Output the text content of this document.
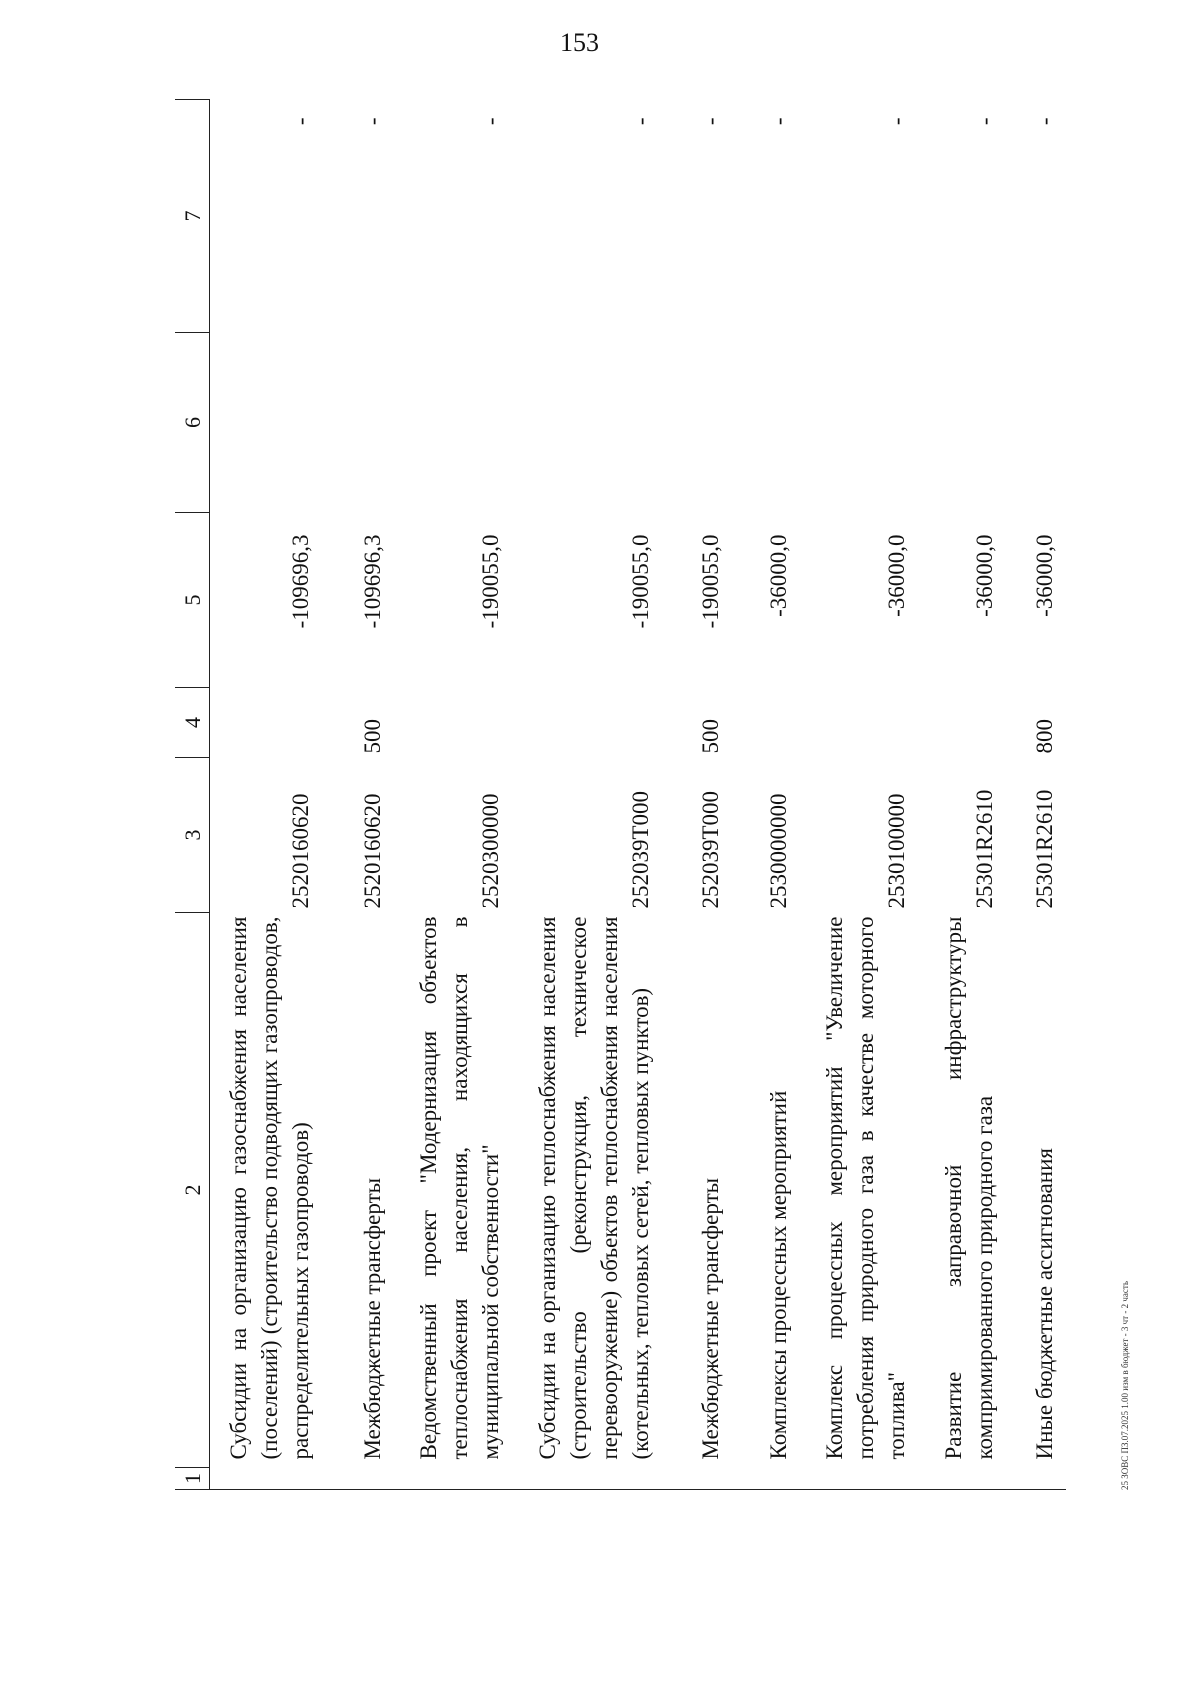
153
1	2	3	4	5	6	7
	Субсидии на организацию газоснабжения населения (поселений) (строительство подводящих газопроводов, распределительных газопроводов)	2520160620		-109696,3		-
	Межбюджетные трансферты	2520160620	500	-109696,3		-
	Ведомственный проект "Модернизация объектов теплоснабжения населения, находящихся в муниципальной собственности"	2520300000		-190055,0		-
	Субсидии на организацию теплоснабжения населения (строительство (реконструкция, техническое перевооружение) объектов теплоснабжения населения (котельных, тепловых сетей, тепловых пунктов)	252039T000		-190055,0		-
	Межбюджетные трансферты	252039T000	500	-190055,0		-
	Комплексы процессных мероприятий	2530000000		-36000,0		-
	Комплекс процессных мероприятий "Увеличение потребления природного газа в качестве моторного топлива"	2530100000		-36000,0		-
	Развитие заправочной инфраструктуры компримированного природного газа	25301R2610		-36000,0		-
	Иные бюджетные ассигнования	25301R2610	800	-36000,0		-
25 ЗОВС ПЗ.07.2025 1.00 изм в бюджет - 3 чт - 2 часть
